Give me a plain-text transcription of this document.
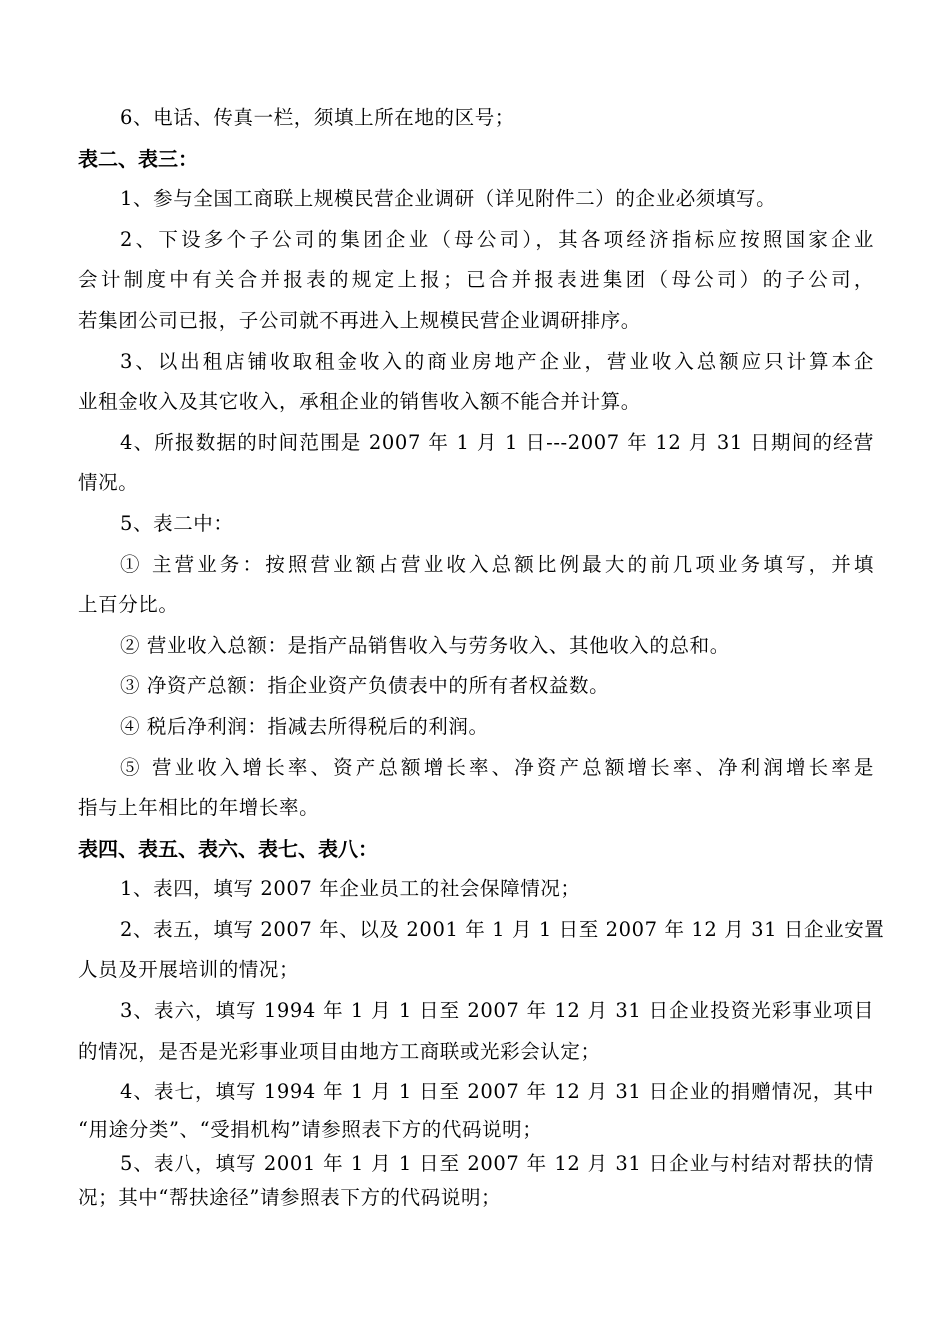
6、电话、传真一栏，须填上所在地的区号；
表二、表三：
1、参与全国工商联上规模民营企业调研（详见附件二）的企业必须填写。
2、下设多个子公司的集团企业（母公司），其各项经济指标应按照国家企业
会计制度中有关合并报表的规定上报；已合并报表进集团（母公司）的子公司，
若集团公司已报，子公司就不再进入上规模民营企业调研排序。
3、以出租店铺收取租金收入的商业房地产企业，营业收入总额应只计算本企
业租金收入及其它收入，承租企业的销售收入额不能合并计算。
4、所报数据的时间范围是 2007 年 1 月 1 日---2007 年 12 月 31 日期间的经营
情况。
5、表二中：
① 主营业务：按照营业额占营业收入总额比例最大的前几项业务填写，并填
上百分比。
② 营业收入总额：是指产品销售收入与劳务收入、其他收入的总和。
③ 净资产总额：指企业资产负债表中的所有者权益数。
④ 税后净利润：指减去所得税后的利润。
⑤ 营业收入增长率、资产总额增长率、净资产总额增长率、净利润增长率是
指与上年相比的年增长率。
表四、表五、表六、表七、表八：
1、表四，填写 2007 年企业员工的社会保障情况；
2、表五，填写 2007 年、以及 2001 年 1 月 1 日至 2007 年 12 月 31 日企业安置
人员及开展培训的情况；
3、表六，填写 1994 年 1 月 1 日至 2007 年 12 月 31 日企业投资光彩事业项目
的情况，是否是光彩事业项目由地方工商联或光彩会认定；
4、表七，填写 1994 年 1 月 1 日至 2007 年 12 月 31 日企业的捐赠情况，其中
“用途分类”、“受捐机构”请参照表下方的代码说明；
5、表八，填写 2001 年 1 月 1 日至 2007 年 12 月 31 日企业与村结对帮扶的情
况；其中“帮扶途径”请参照表下方的代码说明；
